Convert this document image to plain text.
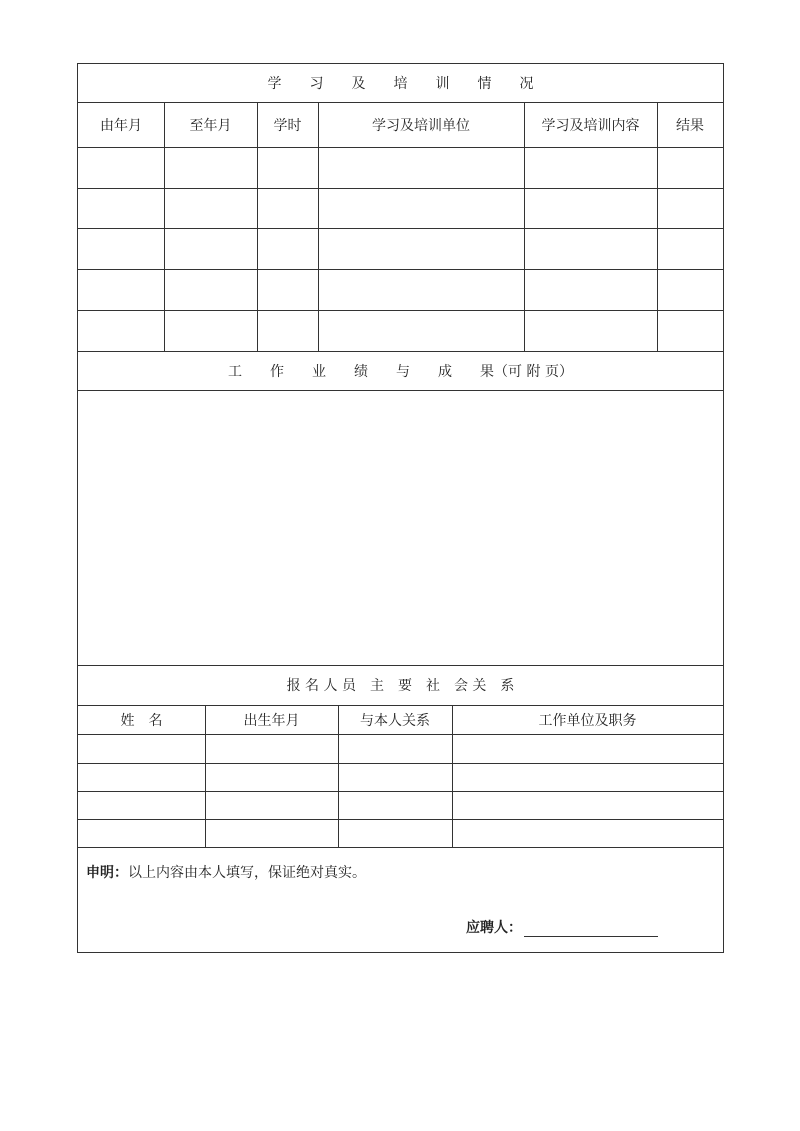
学　　习　　及　　培　　训　　情　　况
由年月	至年月	学时	学习及培训单位	学习及培训内容	结果
工　　作　　业　　绩　　与　　成　　果（可 附 页）
报 名 人 员　主　要　社　会 关　系
姓　名	出生年月	与本人关系	工作单位及职务
申明：以上内容由本人填写，保证绝对真实。
应聘人：
